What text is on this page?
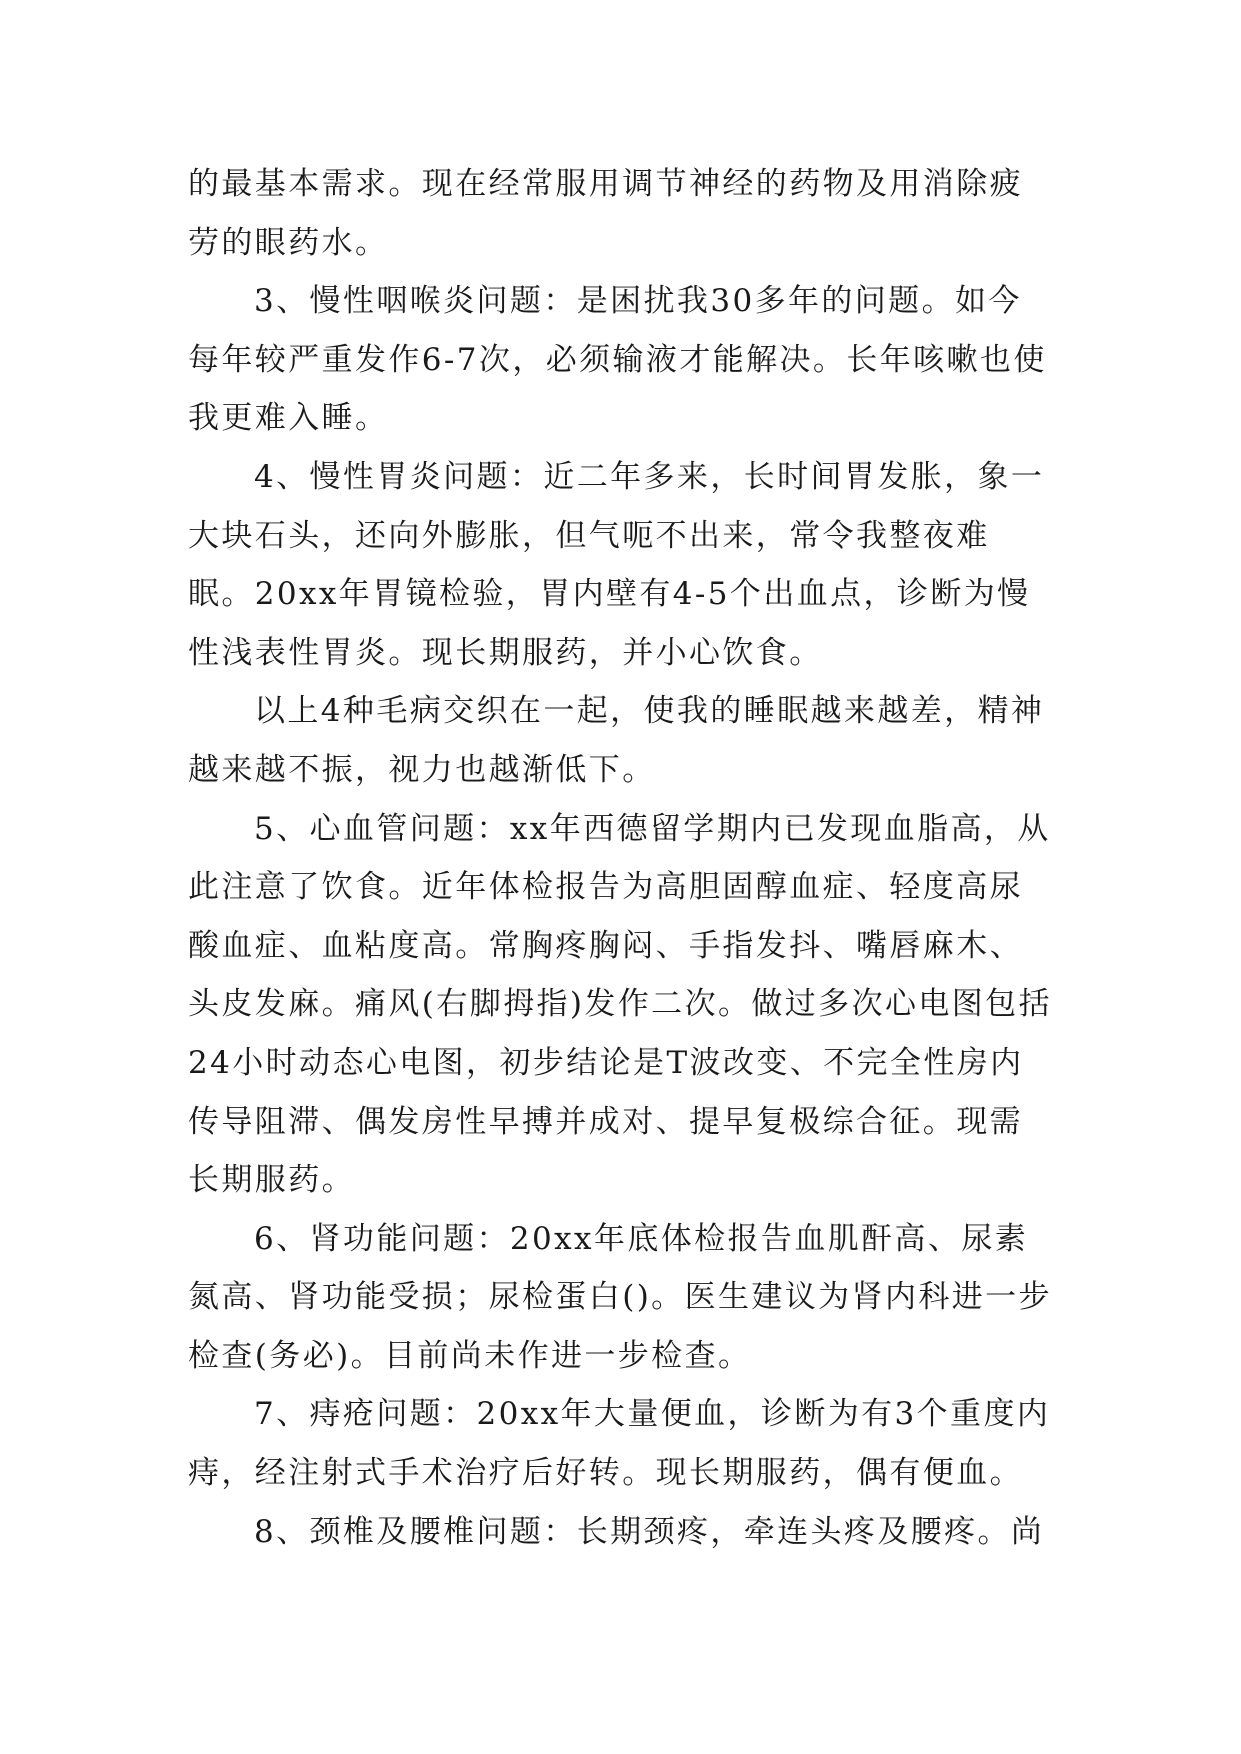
的最基本需求。现在经常服用调节神经的药物及用消除疲劳的眼药水。

3、慢性咽喉炎问题：是困扰我30多年的问题。如今每年较严重发作6-7次，必须输液才能解决。长年咳嗽也使我更难入睡。

4、慢性胃炎问题：近二年多来，长时间胃发胀，象一大块石头，还向外膨胀，但气呃不出来，常令我整夜难眠。20xx年胃镜检验，胃内壁有4-5个出血点，诊断为慢性浅表性胃炎。现长期服药，并小心饮食。

以上4种毛病交织在一起，使我的睡眠越来越差，精神越来越不振，视力也越渐低下。

5、心血管问题：xx年西德留学期内已发现血脂高，从此注意了饮食。近年体检报告为高胆固醇血症、轻度高尿酸血症、血粘度高。常胸疼胸闷、手指发抖、嘴唇麻木、头皮发麻。痛风(右脚拇指)发作二次。做过多次心电图包括24小时动态心电图，初步结论是T波改变、不完全性房内传导阻滞、偶发房性早搏并成对、提早复极综合征。现需长期服药。

6、肾功能问题：20xx年底体检报告血肌酐高、尿素氮高、肾功能受损；尿检蛋白()。医生建议为肾内科进一步检查(务必)。目前尚未作进一步检查。

7、痔疮问题：20xx年大量便血，诊断为有3个重度内痔，经注射式手术治疗后好转。现长期服药，偶有便血。

8、颈椎及腰椎问题：长期颈疼，牵连头疼及腰疼。尚
